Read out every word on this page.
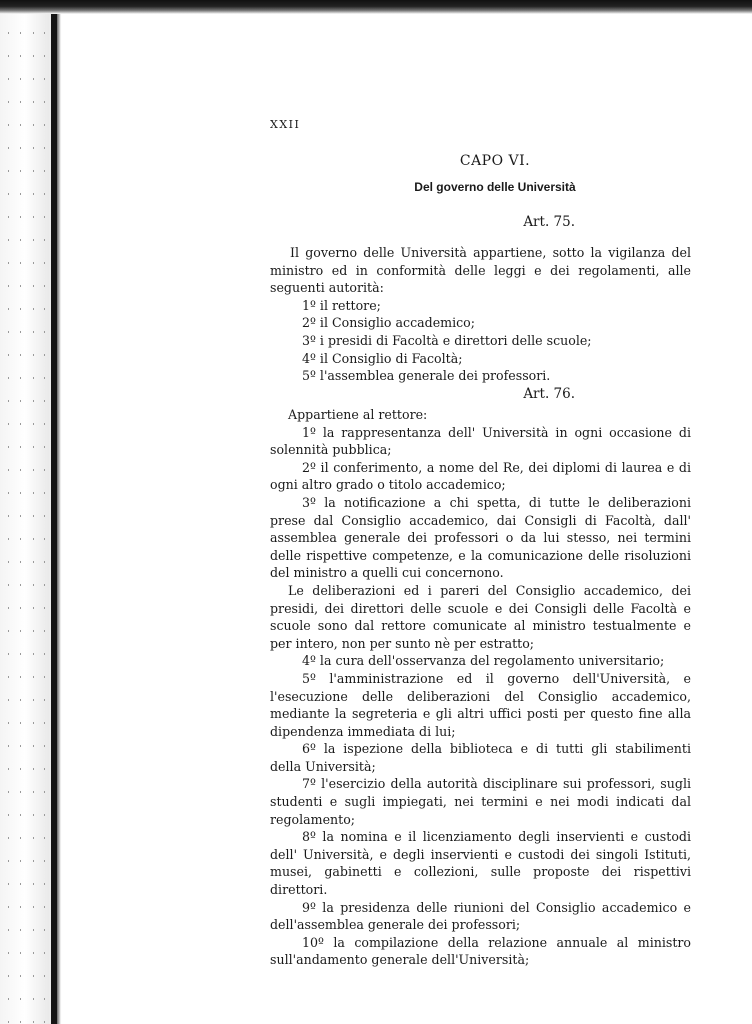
XXII
CAPO VI.
Del governo delle Università
Art. 75.

Il governo delle Università appartiene, sotto la vigilanza del ministro ed in conformità delle leggi e dei regolamenti, alle seguenti autorità:

1º il rettore;

2º il Consiglio accademico;

3º i presidi di Facoltà e direttori delle scuole;

4º il Consiglio di Facoltà;

5º l'assemblea generale dei professori.

Art. 76.

Appartiene al rettore:

1º la rappresentanza dell' Università in ogni occasione di solennità pubblica;

2º il conferimento, a nome del Re, dei diplomi di laurea e di ogni altro grado o titolo accademico;

3º la notificazione a chi spetta, di tutte le deliberazioni prese dal Consiglio accademico, dai Consigli di Facoltà, dall' assemblea generale dei professori o da lui stesso, nei termini delle rispettive competenze, e la comunicazione delle risoluzioni del ministro a quelli cui concernono.

Le deliberazioni ed i pareri del Consiglio accademico, dei presidi, dei direttori delle scuole e dei Consigli delle Facoltà e scuole sono dal rettore comunicate al ministro testualmente e per intero, non per sunto nè per estratto;

4º la cura dell'osservanza del regolamento universitario;

5º l'amministrazione ed il governo dell'Università, e l'esecuzione delle deliberazioni del Consiglio accademico, mediante la segreteria e gli altri uffici posti per questo fine alla dipendenza immediata di lui;

6º la ispezione della biblioteca e di tutti gli stabilimenti della Università;

7º l'esercizio della autorità disciplinare sui professori, sugli studenti e sugli impiegati, nei termini e nei modi indicati dal regolamento;

8º la nomina e il licenziamento degli inservienti e custodi dell' Università, e degli inservienti e custodi dei singoli Istituti, musei, gabinetti e collezioni, sulle proposte dei rispettivi direttori.

9º la presidenza delle riunioni del Consiglio accademico e dell'assemblea generale dei professori;

10º la compilazione della relazione annuale al ministro sull'andamento generale dell'Università;
